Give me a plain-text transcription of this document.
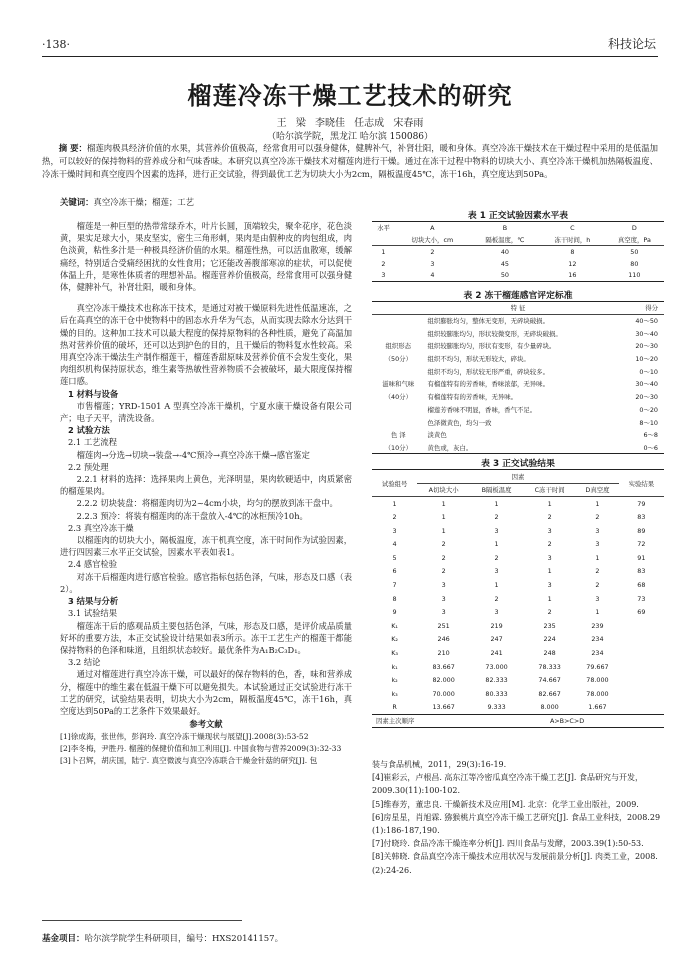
·138·	科技论坛
榴莲冷冻干燥工艺技术的研究
王 梁 李晓佳 任志成 宋春雨
（哈尔滨学院，黑龙江 哈尔滨 150086）
摘 要：榴莲肉极具经济价值的水果，其营养价值极高，经常食用可以强身健体，健脾补气，补肾壮阳，暖和身体。真空冷冻干燥技术在干燥过程中采用的是低温加热，可以较好的保持物料的营养成分和气味香味。本研究以真空冷冻干燥技术对榴莲肉进行干燥。通过在冻干过程中物料的切块大小、真空冷冻干燥机加热隔板温度、冷冻干燥时间和真空度四个因素的选择，进行正交试验，得到最优工艺为切块大小为2cm，隔板温度45℃，冻干16h，真空度达到50Pa。
关键词：真空冷冻干燥；榴莲；工艺

榴莲是一种巨型的热带常绿乔木，叶片长圆，顶端较尖，聚伞花序，花色淡黄，果实足球大小，果皮坚实，密生三角形刺，果肉是由假种皮的肉包组成，肉色淡黄，粘性多汁是一种极具经济价值的水果。榴莲性热，可以活血散寒，缓解痛经，特别适合受痛经困扰的女性食用；它还能改善腹部寒凉的症状，可以促使体温上升，是寒性体质者的理想补品。榴莲营养价值极高，经常食用可以强身健体，健脾补气，补肾壮阳，暖和身体。

真空冷冻干燥技术也称冻干技术，是通过对被干燥原料先进性低温速冻，之后在高真空的冻干仓中使物料中的固态水升华为气态，从而实现去除水分达到干燥的目的。这种加工技术可以最大程度的保持原物料的各种性质，避免了高温加热对营养价值的破坏，还可以达到护色的目的，且干燥后的物料复水性较高。采用真空冷冻干燥法生产制作榴莲干，榴莲香甜原味及营养价值不会发生变化，果肉组织机构保持原状态，维生素等热敏性营养物质不会被破坏，最大限度保持榴莲口感。

1 材料与设备

市售榴莲；YRD-1501 A 型真空冷冻干燥机，宁夏水康干燥设备有限公司产；电子天平，清洗设备。

2 试验方法
2.1 工艺流程

榴莲肉→分选→切块→装盘→-4℃预冷→真空冷冻干燥→感官鉴定

2.2 预处理

2.2.1 材料的选择：选择果肉上黄色，光泽明显，果肉软硬适中，肉质紧密的榴莲果肉。

2.2.2 切块装盘：将榴莲肉切为2~4cm小块，均匀的摆放到冻干盘中。

2.2.3 预冷：将装有榴莲肉的冻干盘放入-4℃的冰柜预冷10h。

2.3 真空冷冻干燥

以榴莲肉的切块大小，隔板温度，冻干机真空度，冻干时间作为试验因素，进行四因素三水平正交试验，因素水平表如表1。

2.4 感官检验

对冻干后榴莲肉进行感官检验。感官指标包括色泽，气味，形态及口感（表2）。

3 结果与分析
3.1 试验结果

榴莲冻干后的感观品质主要包括色泽，气味，形态及口感，是评价成品质量好坏的重要方法，本正交试验设计结果如表3所示。冻干工艺生产的榴莲干都能保持物料的色泽和味道，且组织状态较好。最优条件为A₁B₂C₃D₁。

3.2 结论

通过对榴莲进行真空冷冻干燥，可以最好的保存物料的色，香，味和营养成分，榴莲中的维生素在低温干燥下可以避免损失。本试验通过正交试验进行冻干工艺的研究，试验结果表明，切块大小为2cm，隔板温度45℃，冻干16h，真空度达到50Pa的工艺条件下效果最好。

参考文献
[1]徐成海，张世伟，彭润玲. 真空冷冻干燥现状与展望[J].2008(3):53-52
[2]李冬梅，尹胜丹. 榴莲的保健价值和加工利用[J]. 中国食物与营养2009(3):32-33
[3]卜召辉，胡庆国，陆宁. 真空微波与真空冷冻联合干燥金针菇的研究[J]. 包
基金项目：哈尔滨学院学生科研项目，编号：HXS20141157。
表 1 正交试验因素水平表
水平	A	B	C	D
	切块大小，cm	隔板温度，℃	冻干时间，h	真空度，Pa
1	2	40	8	50
2	3	45	12	80
3	4	50	16	110
表 2 冻干榴莲感官评定标准
	特 征	得分
	组织膨胀均匀，整体无变形，无碎块破损。	40～50
	组织较膨胀均匀，形状较微变形，无碎块破损。	30～40
组织形态	组织较膨胀均匀，形状有变形，有少量碎块。	20～30
（50分）	组织不均匀，形状无形较大，碎块。	10～20
	组织不均匀，形状较无形严重，碎块较多。	0～10
滋味和气味	有榴莲特有的芳香味，香味浓郁，无异味。	30～40
（40分）	有榴莲特有的芳香味，无异味。	20～30
	榴莲芳香味不明显，香味，香气不足。	0～20
	色泽微黄色，均匀一致	8～10
色 泽	淡黄色	6～8
（10分）	黄色或，灰白。	0～6
表 3 正交试验结果
试验组号	因素				实验结果
	A切块大小	B隔板温度	C冻干时间	D真空度	
1	1	1	1	1	79
2	1	2	2	2	83
3	1	3	3	3	89
4	2	1	2	3	72
5	2	2	3	1	91
6	2	3	1	2	83
7	3	1	3	2	68
8	3	2	1	3	73
9	3	3	2	1	69
K₁	251	219	235	239	
K₂	246	247	224	234	
K₃	210	241	248	234	
k₁	83.667	73.000	78.333	79.667	
k₂	82.000	82.333	74.667	78.000	
k₃	70.000	80.333	82.667	78.000	
R	13.667	9.333	8.000	1.667	
因素主次顺序		A>B>C>D			
装与食品机械，2011，29(3):16-19.
[4]崔彩云，卢根昌. 高东江等冷密瓜真空冷冻干燥工艺[J]. 食品研究与开发，2009.30(11):100-102.
[5]维春芳，董忠良. 干燥新技术及应用[M]. 北京：化学工业出版社，2009.
[6]房星星，肖旭霖. 猕猴桃片真空冷冻干燥工艺研究[J]. 食品工业科技，2008.29 (1):186-187,190.
[7]付晓玲. 食品冷冻干燥连率分析[J]. 四川食品与发酵，2003.39(1):50-53.
[8]关韩晓. 食品真空冷冻干燥技术应用状况与发展前景分析[J]. 肉类工业，2008.(2):24-26.
